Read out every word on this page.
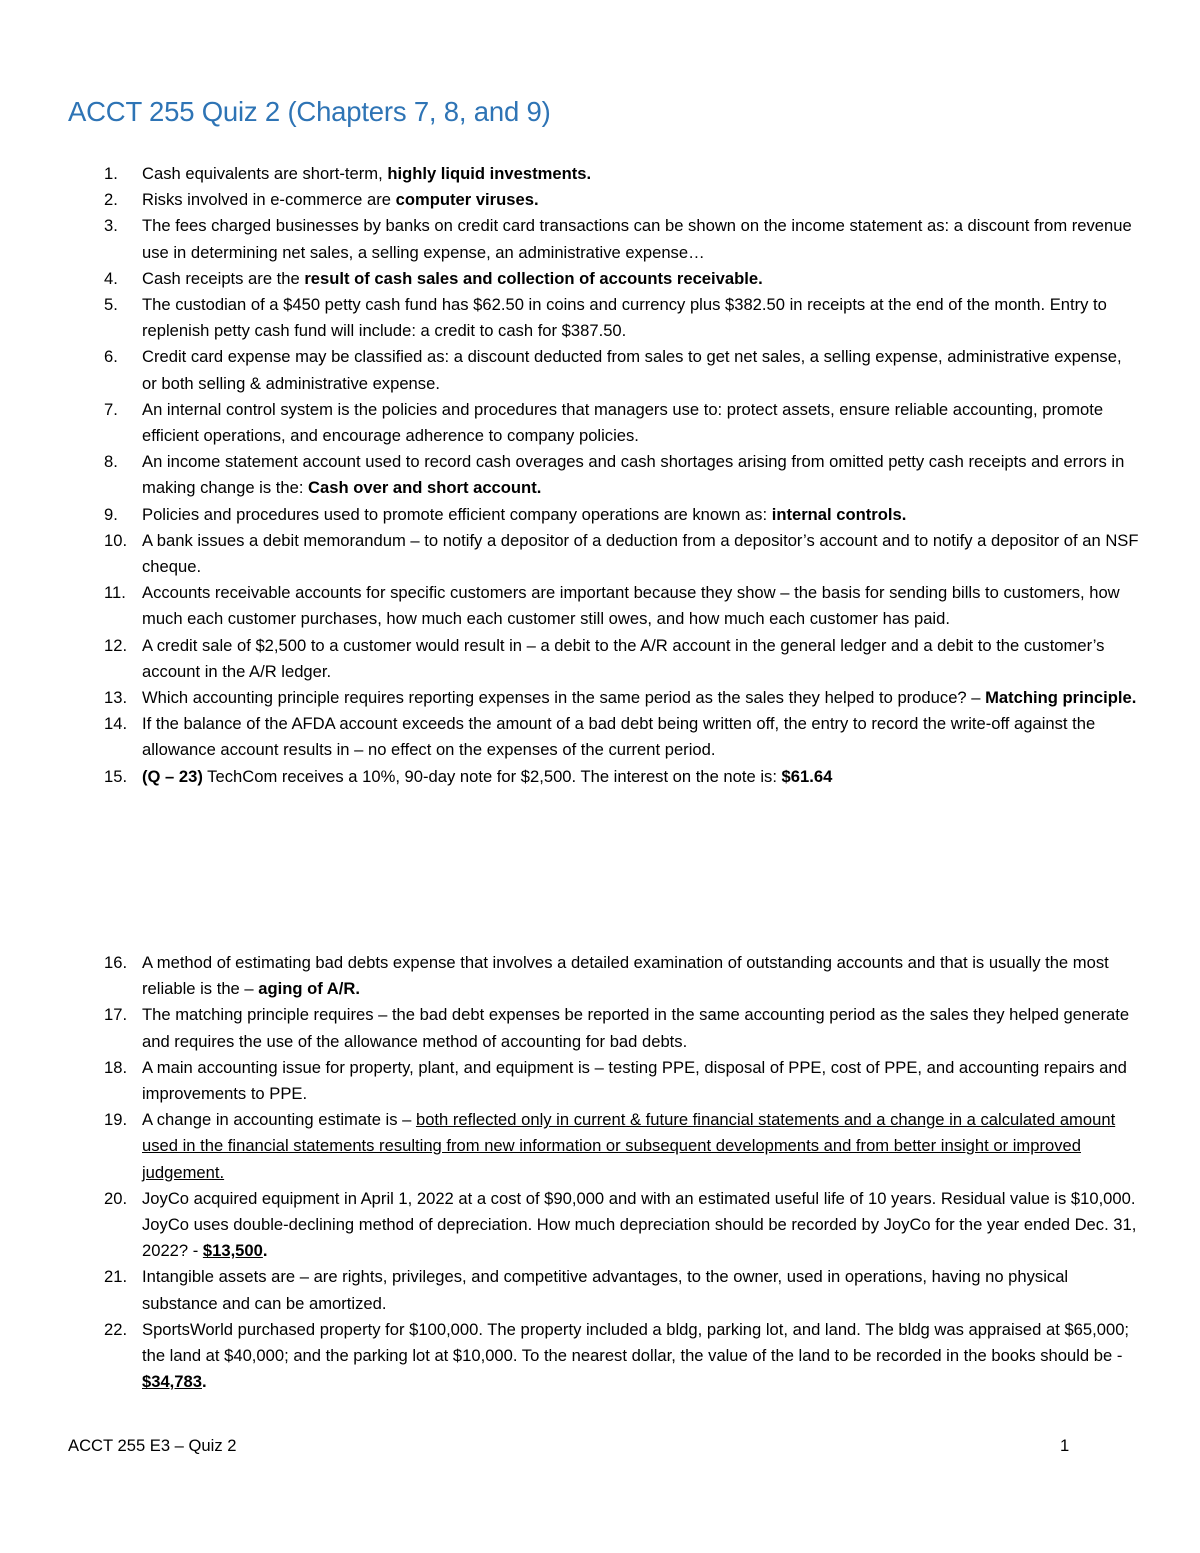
ACCT 255 Quiz 2 (Chapters 7, 8, and 9)
1.	Cash equivalents are short-term, highly liquid investments.
2.	Risks involved in e-commerce are computer viruses.
3.	The fees charged businesses by banks on credit card transactions can be shown on the income statement as: a discount from revenue use in determining net sales, a selling expense, an administrative expense…
4.	Cash receipts are the result of cash sales and collection of accounts receivable.
5.	The custodian of a $450 petty cash fund has $62.50 in coins and currency plus $382.50 in receipts at the end of the month. Entry to replenish petty cash fund will include: a credit to cash for $387.50.
6.	Credit card expense may be classified as: a discount deducted from sales to get net sales, a selling expense, administrative expense, or both selling & administrative expense.
7.	An internal control system is the policies and procedures that managers use to: protect assets, ensure reliable accounting, promote efficient operations, and encourage adherence to company policies.
8.	An income statement account used to record cash overages and cash shortages arising from omitted petty cash receipts and errors in making change is the: Cash over and short account.
9.	Policies and procedures used to promote efficient company operations are known as: internal controls.
10. A bank issues a debit memorandum – to notify a depositor of a deduction from a depositor’s account and to notify a depositor of an NSF cheque.
11. Accounts receivable accounts for specific customers are important because they show – the basis for sending bills to customers, how much each customer purchases, how much each customer still owes, and how much each customer has paid.
12. A credit sale of $2,500 to a customer would result in – a debit to the A/R account in the general ledger and a debit to the customer’s account in the A/R ledger.
13. Which accounting principle requires reporting expenses in the same period as the sales they helped to produce? – Matching principle.
14. If the balance of the AFDA account exceeds the amount of a bad debt being written off, the entry to record the write-off against the allowance account results in – no effect on the expenses of the current period.
15. (Q – 23) TechCom receives a 10%, 90-day note for $2,500. The interest on the note is: $61.64
16. A method of estimating bad debts expense that involves a detailed examination of outstanding accounts and that is usually the most reliable is the – aging of A/R.
17. The matching principle requires – the bad debt expenses be reported in the same accounting period as the sales they helped generate and requires the use of the allowance method of accounting for bad debts.
18. A main accounting issue for property, plant, and equipment is – testing PPE, disposal of PPE, cost of PPE, and accounting repairs and improvements to PPE.
19. A change in accounting estimate is – both reflected only in current & future financial statements and a change in a calculated amount used in the financial statements resulting from new information or subsequent developments and from better insight or improved judgement.
20. JoyCo acquired equipment in April 1, 2022 at a cost of $90,000 and with an estimated useful life of 10 years. Residual value is $10,000. JoyCo uses double-declining method of depreciation. How much depreciation should be recorded by JoyCo for the year ended Dec. 31, 2022? - $13,500.
21. Intangible assets are – are rights, privileges, and competitive advantages, to the owner, used in operations, having no physical substance and can be amortized.
22. SportsWorld purchased property for $100,000. The property included a bldg, parking lot, and land. The bldg was appraised at $65,000; the land at $40,000; and the parking lot at $10,000. To the nearest dollar, the value of the land to be recorded in the books should be - $34,783.
ACCT 255 E3 – Quiz 2	1
